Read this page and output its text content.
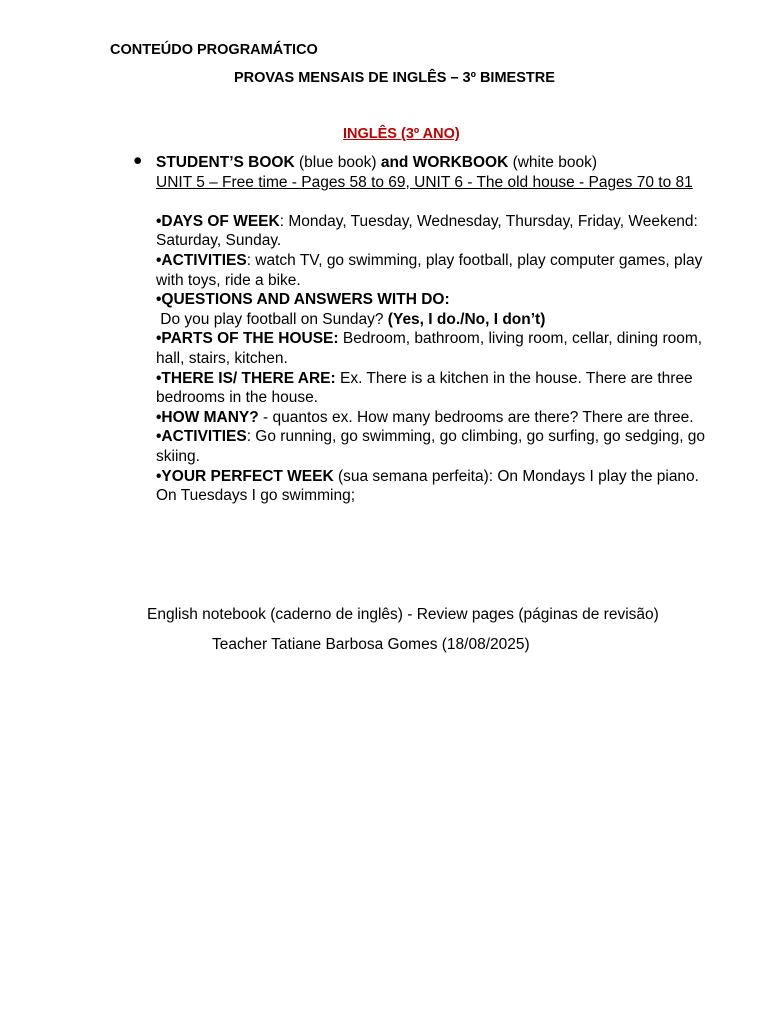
CONTEÚDO PROGRAMÁTICO
PROVAS MENSAIS DE INGLÊS – 3º BIMESTRE
INGLÊS (3º ANO)
● STUDENT’S BOOK (blue book) and WORKBOOK (white book)

UNIT 5 – Free time - Pages 58 to 69, UNIT 6 - The old house - Pages 70 to 81

•DAYS OF WEEK: Monday, Tuesday, Wednesday, Thursday, Friday, Weekend: Saturday, Sunday.

•ACTIVITIES: watch TV, go swimming, play football, play computer games, play with toys, ride a bike.

•QUESTIONS AND ANSWERS WITH DO:

Do you play football on Sunday? (Yes, I do./No, I don’t)

•PARTS OF THE HOUSE: Bedroom, bathroom, living room, cellar, dining room, hall, stairs, kitchen.

•THERE IS/ THERE ARE: Ex. There is a kitchen in the house. There are three bedrooms in the house.

•HOW MANY? - quantos ex. How many bedrooms are there? There are three.

•ACTIVITIES: Go running, go swimming, go climbing, go surfing, go sedging, go skiing.

•YOUR PERFECT WEEK (sua semana perfeita): On Mondays I play the piano.

On Tuesdays I go swimming;

English notebook (caderno de inglês) - Review pages (páginas de revisão)
Teacher Tatiane Barbosa Gomes (18/08/2025)
